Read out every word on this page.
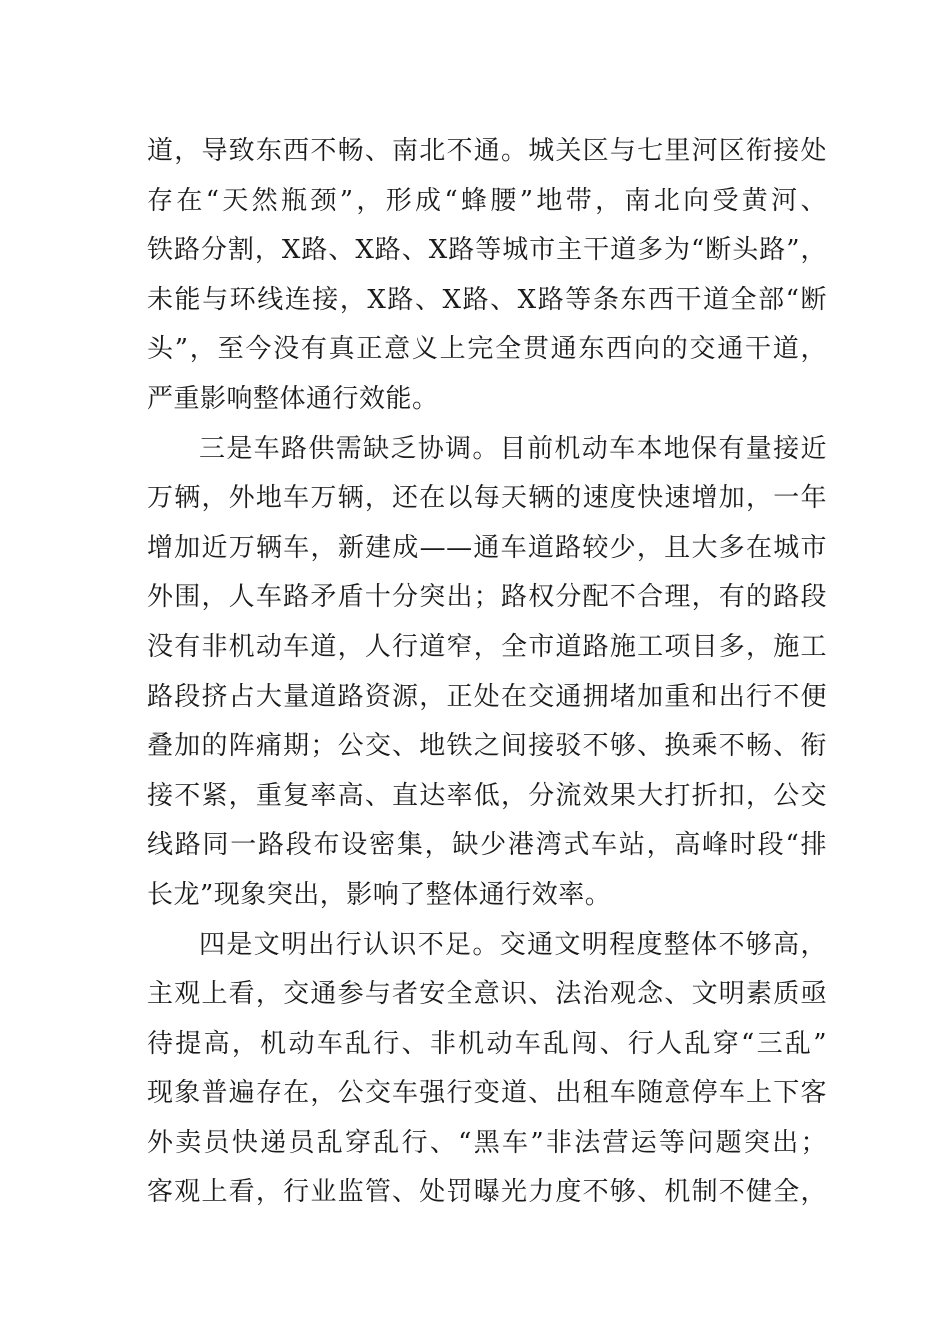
道，导致东西不畅、南北不通。城关区与七里河区衔接处
存在“天然瓶颈”，形成“蜂腰”地带，南北向受黄河、
铁路分割，X路、X路、X路等城市主干道多为“断头路”，
未能与环线连接，X路、X路、X路等条东西干道全部“断
头”，至今没有真正意义上完全贯通东西向的交通干道，
严重影响整体通行效能。
三是车路供需缺乏协调。目前机动车本地保有量接近
万辆，外地车万辆，还在以每天辆的速度快速增加，一年
增加近万辆车，新建成——通车道路较少，且大多在城市
外围，人车路矛盾十分突出；路权分配不合理，有的路段
没有非机动车道，人行道窄，全市道路施工项目多，施工
路段挤占大量道路资源，正处在交通拥堵加重和出行不便
叠加的阵痛期；公交、地铁之间接驳不够、换乘不畅、衔
接不紧，重复率高、直达率低，分流效果大打折扣，公交
线路同一路段布设密集，缺少港湾式车站，高峰时段“排
长龙”现象突出，影响了整体通行效率。
四是文明出行认识不足。交通文明程度整体不够高，
主观上看，交通参与者安全意识、法治观念、文明素质亟
待提高，机动车乱行、非机动车乱闯、行人乱穿“三乱”
现象普遍存在，公交车强行变道、出租车随意停车上下客
外卖员快递员乱穿乱行、“黑车”非法营运等问题突出；
客观上看，行业监管、处罚曝光力度不够、机制不健全，
